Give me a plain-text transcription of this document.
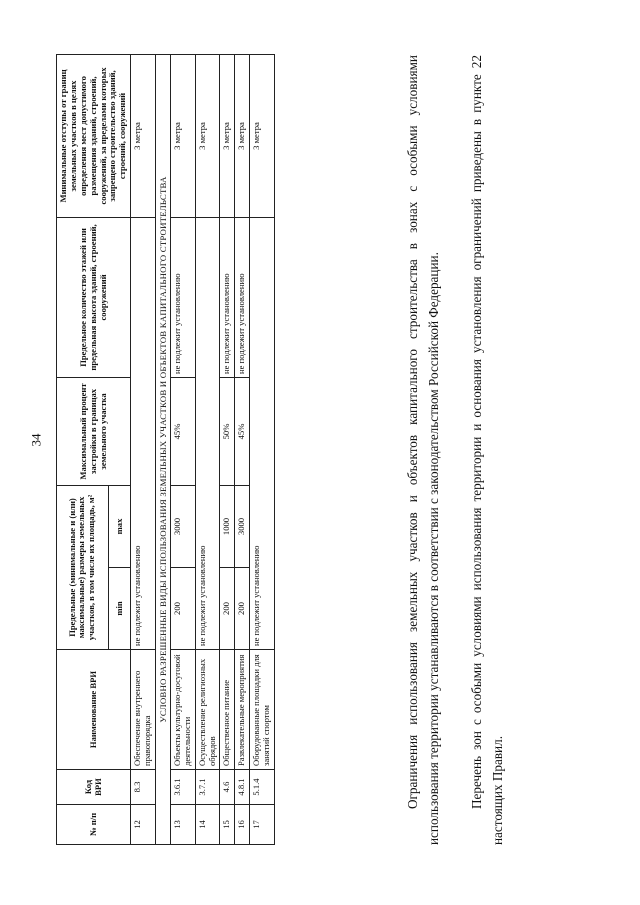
34
№ п/п	Код ВРИ	Наименование ВРИ	Предельные (минимальные и (или) максимальные) размеры земельных участков, в том числе их площадь, м²		Максимальный процент застройки в границах земельного участка	Предельное количество этажей или предельная высота зданий, строений, сооружений	Минимальные отступы от границ земельных участков в целях определения мест допустимого размещения зданий, строений, сооружений, за пределами которых запрещено строительство зданий, строений, сооружений
			min	max			
12	8.3	Обеспечение внутреннего правопорядка	не подлежит установлению				3 метра
УСЛОВНО РАЗРЕШЕННЫЕ ВИДЫ ИСПОЛЬЗОВАНИЯ ЗЕМЕЛЬНЫХ УЧАСТКОВ И ОБЪЕКТОВ КАПИТАЛЬНОГО СТРОИТЕЛЬСТВА							
13	3.6.1	Объекты культурно-досуговой деятельности	200	3000	45%	не подлежит установлению	3 метра
14	3.7.1	Осуществление религиозных обрядов	не подлежит установлению				3 метра
15	4.6	Общественное питание	200	1000	50%	не подлежит установлению	3 метра
16	4.8.1	Развлекательные мероприятия	200	3000	45%	не подлежит установлению	3 метра
17	5.1.4	Оборудованные площадки для занятий спортом	не подлежит установлению				3 метра	Ограничения использования земельных участков и объектов капитального строительства в зонах с особыми условиями использования территории устанавливаются в соответствии с законодательством Российской Федерации. Перечень зон с особыми условиями использования территории и основания установления ограничений приведены в пункте 22 настоящих Правил.
